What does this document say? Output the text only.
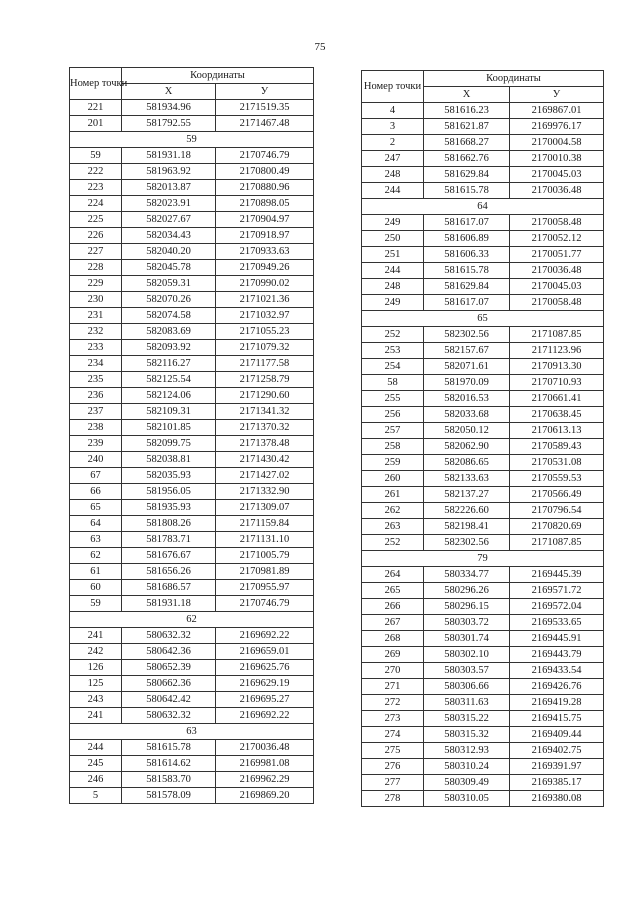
75
Номер точки	Координаты	
	X	У
221	581934.96	2171519.35
201	581792.55	2171467.48
59		
59	581931.18	2170746.79
222	581963.92	2170800.49
223	582013.87	2170880.96
224	582023.91	2170898.05
225	582027.67	2170904.97
226	582034.43	2170918.97
227	582040.20	2170933.63
228	582045.78	2170949.26
229	582059.31	2170990.02
230	582070.26	2171021.36
231	582074.58	2171032.97
232	582083.69	2171055.23
233	582093.92	2171079.32
234	582116.27	2171177.58
235	582125.54	2171258.79
236	582124.06	2171290.60
237	582109.31	2171341.32
238	582101.85	2171370.32
239	582099.75	2171378.48
240	582038.81	2171430.42
67	582035.93	2171427.02
66	581956.05	2171332.90
65	581935.93	2171309.07
64	581808.26	2171159.84
63	581783.71	2171131.10
62	581676.67	2171005.79
61	581656.26	2170981.89
60	581686.57	2170955.97
59	581931.18	2170746.79
62		
241	580632.32	2169692.22
242	580642.36	2169659.01
126	580652.39	2169625.76
125	580662.36	2169629.19
243	580642.42	2169695.27
241	580632.32	2169692.22
63		
244	581615.78	2170036.48
245	581614.62	2169981.08
246	581583.70	2169962.29
5	581578.09	2169869.20
Номер точки	Координаты	
	X	У
4	581616.23	2169867.01
3	581621.87	2169976.17
2	581668.27	2170004.58
247	581662.76	2170010.38
248	581629.84	2170045.03
244	581615.78	2170036.48
64		
249	581617.07	2170058.48
250	581606.89	2170052.12
251	581606.33	2170051.77
244	581615.78	2170036.48
248	581629.84	2170045.03
249	581617.07	2170058.48
65		
252	582302.56	2171087.85
253	582157.67	2171123.96
254	582071.61	2170913.30
58	581970.09	2170710.93
255	582016.53	2170661.41
256	582033.68	2170638.45
257	582050.12	2170613.13
258	582062.90	2170589.43
259	582086.65	2170531.08
260	582133.63	2170559.53
261	582137.27	2170566.49
262	582226.60	2170796.54
263	582198.41	2170820.69
252	582302.56	2171087.85
79		
264	580334.77	2169445.39
265	580296.26	2169571.72
266	580296.15	2169572.04
267	580303.72	2169533.65
268	580301.74	2169445.91
269	580302.10	2169443.79
270	580303.57	2169433.54
271	580306.66	2169426.76
272	580311.63	2169419.28
273	580315.22	2169415.75
274	580315.32	2169409.44
275	580312.93	2169402.75
276	580310.24	2169391.97
277	580309.49	2169385.17
278	580310.05	2169380.08
